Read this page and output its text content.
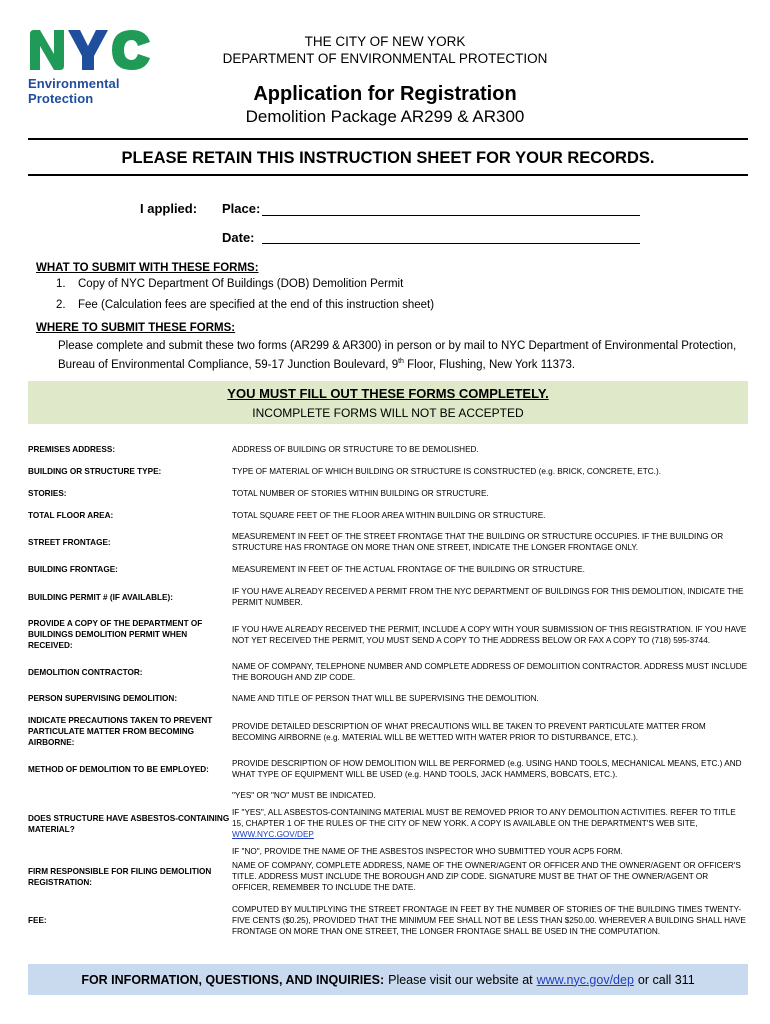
Environmental
Protection
THE CITY OF NEW YORK
DEPARTMENT OF ENVIRONMENTAL PROTECTION
Application for Registration
Demolition Package AR299 & AR300
PLEASE RETAIN THIS INSTRUCTION SHEET FOR YOUR RECORDS.
I applied: Place:
Date:
WHAT TO SUBMIT WITH THESE FORMS:
1. Copy of NYC Department Of Buildings (DOB) Demolition Permit
2. Fee (Calculation fees are specified at the end of this instruction sheet)
WHERE TO SUBMIT THESE FORMS:
Please complete and submit these two forms (AR299 & AR300) in person or by mail to NYC Department of Environmental Protection,
Bureau of Environmental Compliance, 59-17 Junction Boulevard, 9th Floor, Flushing, New York 11373.
YOU MUST FILL OUT THESE FORMS COMPLETELY.
INCOMPLETE FORMS WILL NOT BE ACCEPTED
PREMISES ADDRESS:	ADDRESS OF BUILDING OR STRUCTURE TO BE DEMOLISHED.
BUILDING OR STRUCTURE TYPE:	TYPE OF MATERIAL OF WHICH BUILDING OR STRUCTURE IS CONSTRUCTED (e.g. BRICK, CONCRETE, ETC.).
STORIES:	TOTAL NUMBER OF STORIES WITHIN BUILDING OR STRUCTURE.
TOTAL FLOOR AREA:	TOTAL SQUARE FEET OF THE FLOOR AREA WITHIN BUILDING OR STRUCTURE.
STREET FRONTAGE:
MEASUREMENT IN FEET OF THE STREET FRONTAGE THAT THE BUILDING OR STRUCTURE OCCUPIES. IF THE BUILDING OR STRUCTURE HAS FRONTAGE ON MORE THAN ONE STREET, INDICATE THE LONGER FRONTAGE ONLY.
BUILDING FRONTAGE:	MEASUREMENT IN FEET OF THE ACTUAL FRONTAGE OF THE BUILDING OR STRUCTURE.
BUILDING PERMIT # (IF AVAILABLE):
IF YOU HAVE ALREADY RECEIVED A PERMIT FROM THE NYC DEPARTMENT OF BUILDINGS FOR THIS DEMOLITION, INDICATE THE PERMIT NUMBER.
PROVIDE A COPY OF THE DEPARTMENT OF BUILDINGS DEMOLITION PERMIT WHEN RECEIVED:
IF YOU HAVE ALREADY RECEIVED THE PERMIT, INCLUDE A COPY WITH YOUR SUBMISSION OF THIS REGISTRATION. IF YOU HAVE NOT YET RECEIVED THE PERMIT, YOU MUST SEND A COPY TO THE ADDRESS BELOW OR FAX A COPY TO (718) 595-3744.
DEMOLITION CONTRACTOR:
NAME OF COMPANY, TELEPHONE NUMBER AND COMPLETE ADDRESS OF DEMOLIITION CONTRACTOR. ADDRESS MUST INCLUDE THE BOROUGH AND ZIP CODE.
PERSON SUPERVISING DEMOLITION:	NAME AND TITLE OF PERSON THAT WILL BE SUPERVISING THE DEMOLITION.
INDICATE PRECAUTIONS TAKEN TO PREVENT PARTICULATE MATTER FROM BECOMING AIRBORNE:
PROVIDE DETAILED DESCRIPTION OF WHAT PRECAUTIONS WILL BE TAKEN TO PREVENT PARTICULATE MATTER FROM BECOMING AIRBORNE (e.g. MATERIAL WILL BE WETTED WITH WATER PRIOR TO DISTURBANCE, ETC.).
METHOD OF DEMOLITION TO BE EMPLOYED:
PROVIDE DESCRIPTION OF HOW DEMOLITION WILL BE PERFORMED (e.g. USING HAND TOOLS, MECHANICAL MEANS, ETC.) AND WHAT TYPE OF EQUIPMENT WILL BE USED (e.g. HAND TOOLS, JACK HAMMERS, BOBCATS, ETC.).
DOES STRUCTURE HAVE ASBESTOS-CONTAINING MATERIAL?

"YES" OR "NO" MUST BE INDICATED.

IF "YES", ALL ASBESTOS-CONTAINING MATERIAL MUST BE REMOVED PRIOR TO ANY DEMOLITION ACTIVITIES. REFER TO TITLE 15, CHAPTER 1 OF THE RULES OF THE CITY OF NEW YORK. A COPY IS AVAILABLE ON THE DEPARTMENT'S WEB SITE, WWW.NYC.GOV/DEP

IF "NO", PROVIDE THE NAME OF THE ASBESTOS INSPECTOR WHO SUBMITTED YOUR ACP5 FORM.

FIRM RESPONSIBLE FOR FILING DEMOLITION REGISTRATION:
NAME OF COMPANY, COMPLETE ADDRESS, NAME OF THE OWNER/AGENT OR OFFICER AND THE OWNER/AGENT OR OFFICER'S TITLE. ADDRESS MUST INCLUDE THE BOROUGH AND ZIP CODE. SIGNATURE MUST BE THAT OF THE OWNER/AGENT OR OFFICER, REMEMBER TO INCLUDE THE DATE.
FEE:
COMPUTED BY MULTIPLYING THE STREET FRONTAGE IN FEET BY THE NUMBER OF STORIES OF THE BUILDING TIMES TWENTY-FIVE CENTS ($0.25), PROVIDED THAT THE MINIMUM FEE SHALL NOT BE LESS THAN $250.00. WHEREVER A BUILDING SHALL HAVE FRONTAGE ON MORE THAN ONE STREET, THE LONGER FRONTAGE SHALL BE USED IN THE COMPUTATION.
FOR INFORMATION, QUESTIONS, AND INQUIRIES: Please visit our website at www.nyc.gov/dep or call 311
